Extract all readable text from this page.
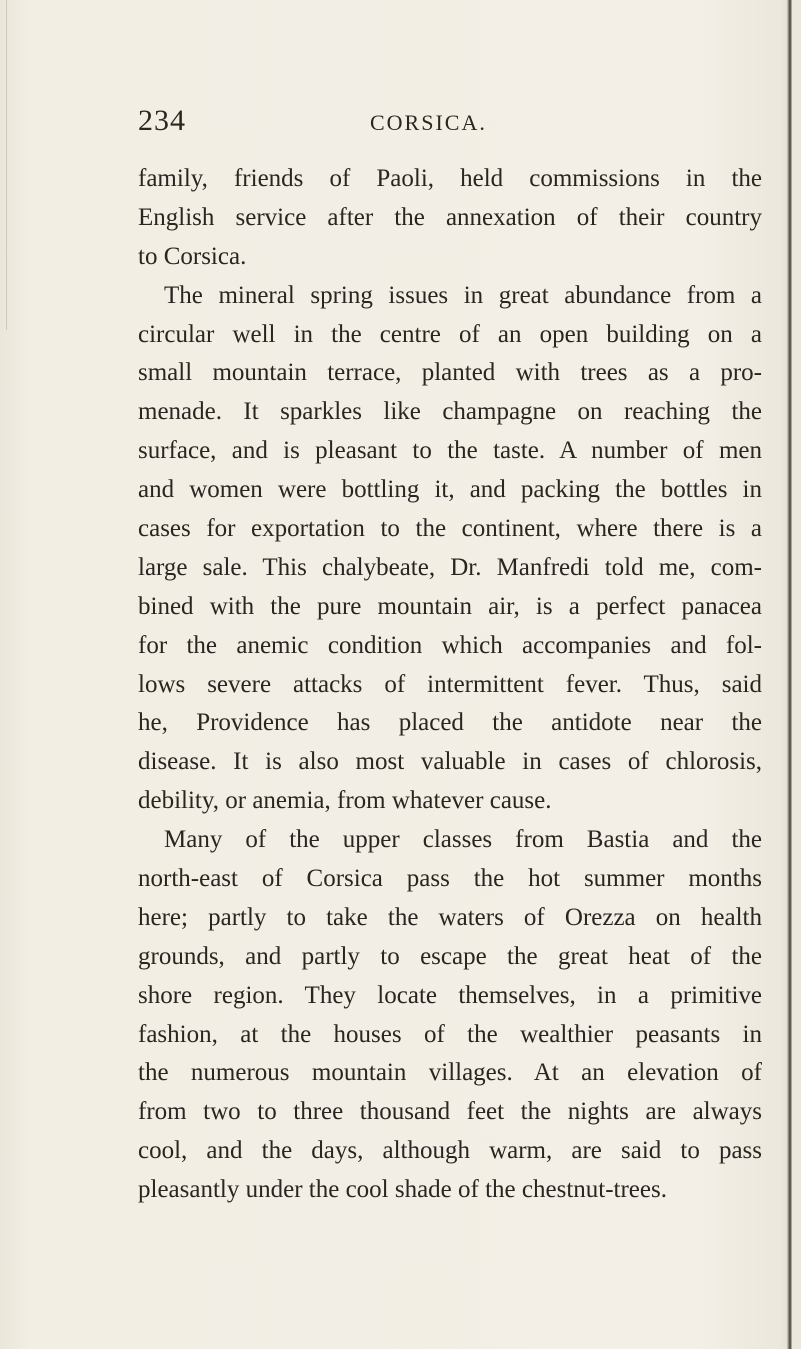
234	CORSICA.
family, friends of Paoli, held commissions in the
English service after the annexation of their country
to Corsica.
The mineral spring issues in great abundance from a
circular well in the centre of an open building on a
small mountain terrace, planted with trees as a pro-
menade. It sparkles like champagne on reaching the
surface, and is pleasant to the taste. A number of men
and women were bottling it, and packing the bottles in
cases for exportation to the continent, where there is a
large sale. This chalybeate, Dr. Manfredi told me, com-
bined with the pure mountain air, is a perfect panacea
for the anemic condition which accompanies and fol-
lows severe attacks of intermittent fever. Thus, said
he, Providence has placed the antidote near the
disease. It is also most valuable in cases of chlorosis,
debility, or anemia, from whatever cause.
Many of the upper classes from Bastia and the
north-east of Corsica pass the hot summer months
here; partly to take the waters of Orezza on health
grounds, and partly to escape the great heat of the
shore region. They locate themselves, in a primitive
fashion, at the houses of the wealthier peasants in
the numerous mountain villages. At an elevation of
from two to three thousand feet the nights are always
cool, and the days, although warm, are said to pass
pleasantly under the cool shade of the chestnut-trees.
